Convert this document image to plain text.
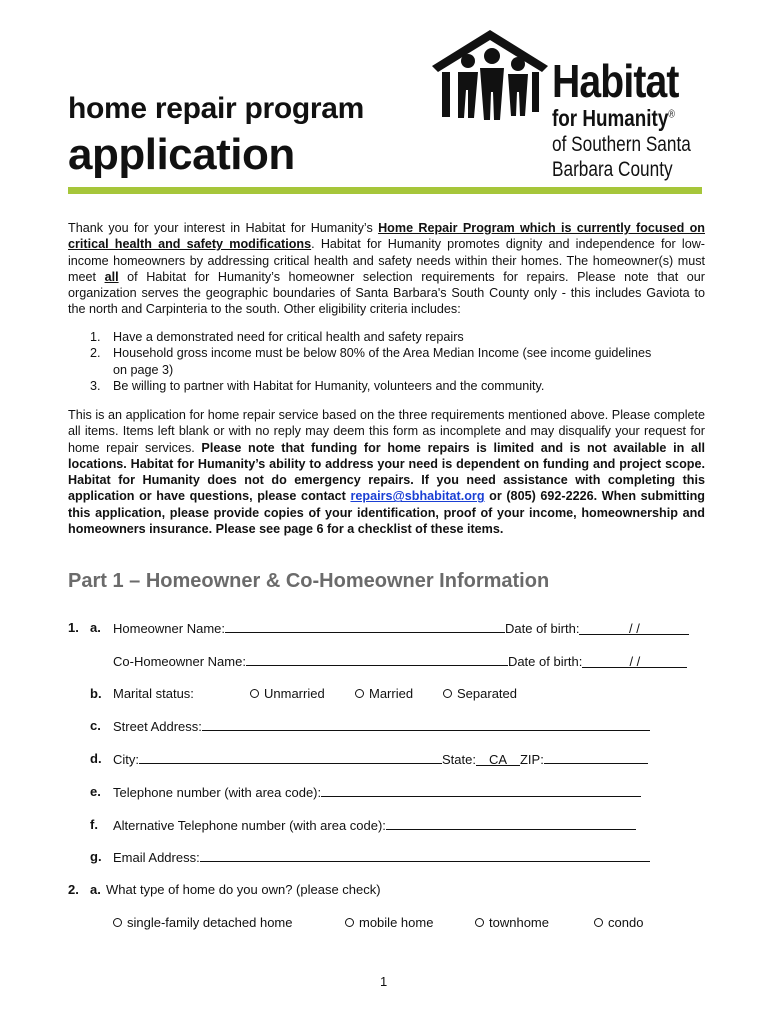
home repair program
application
Habitat
for Humanity®
of Southern Santa
Barbara County
Thank you for your interest in Habitat for Humanity’s Home Repair Program which is currently focused on critical health and safety modifications. Habitat for Humanity promotes dignity and independence for low-income homeowners by addressing critical health and safety needs within their homes. The homeowner(s) must meet all of Habitat for Humanity’s homeowner selection requirements for repairs. Please note that our organization serves the geographic boundaries of Santa Barbara's South County only - this includes Gaviota to the north and Carpinteria to the south. Other eligibility criteria includes:
1. Have a demonstrated need for critical health and safety repairs
2. Household gross income must be below 80% of the Area Median Income (see income guidelines on page 3)
3. Be willing to partner with Habitat for Humanity, volunteers and the community.
This is an application for home repair service based on the three requirements mentioned above. Please complete all items. Items left blank or with no reply may deem this form as incomplete and may disqualify your request for home repair services. Please note that funding for home repairs is limited and is not available in all locations. Habitat for Humanity’s ability to address your need is dependent on funding and project scope. Habitat for Humanity does not do emergency repairs. If you need assistance with completing this application or have questions, please contact repairs@sbhabitat.org or (805) 692-2226. When submitting this application, please provide copies of your identification, proof of your income, homeownership and homeowners insurance. Please see page 6 for a checklist of these items.
Part 1 – Homeowner & Co-Homeowner Information
1. a. Homeowner Name:	Date of birth:	/ /
Co-Homeowner Name:	Date of birth:	/ /
b. Marital status:	Unmarried	Married	Separated
c. Street Address:
d. City:	State: CA ZIP:
e. Telephone number (with area code):
f. Alternative Telephone number (with area code):
g. Email Address:
2. a. What type of home do you own? (please check)
single-family detached home	mobile home	townhome	condo
1
